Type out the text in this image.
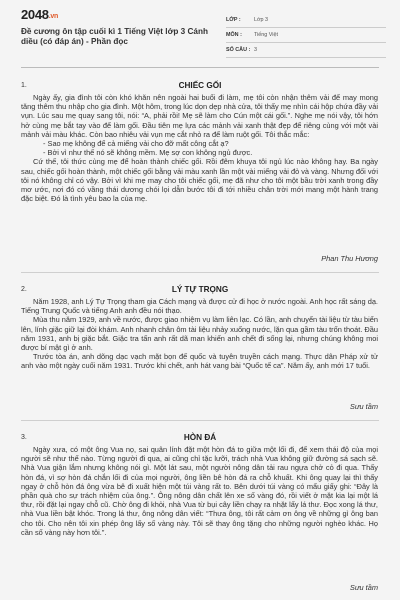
2048.vn
Đề cương ôn tập cuối kì 1 Tiếng Việt lớp 3 Cánh diều (có đáp án) - Phần đọc
LỚP :	Lớp 3
MÔN :	Tiếng Việt
SỐ CÂU : 3
1.	CHIẾC GỐI

Ngày ấy, gia đình tôi còn khó khăn nên ngoài hai buổi đi làm, mẹ tôi còn nhận thêm vải để may mong tăng thêm thu nhập cho gia đình. Một hôm, trong lúc dọn dẹp nhà cửa, tôi thấy mẹ nhìn cái hộp chứa đầy vải vụn. Lúc sau mẹ quay sang tôi, nói: “A, phải rồi! Mẹ sẽ làm cho Cún một cái gối.”. Nghe mẹ nói vậy, tôi hớn hở cùng mẹ bắt tay vào để làm gối. Đầu tiên mẹ lựa các mảnh vải xanh thật đẹp để riêng cùng với một vài mảnh vải màu khác. Còn bao nhiêu vải vụn mẹ cắt nhỏ ra để làm ruột gối. Tôi thắc mắc:

- Sao mẹ không để cả miếng vải cho đỡ mất công cắt ạ?

- Bởi vì như thế nó sẽ không mềm. Mẹ sợ con không ngủ được.

Cứ thế, tôi thức cùng mẹ để hoàn thành chiếc gối. Rồi đêm khuya tôi ngủ lúc nào không hay. Ba ngày sau, chiếc gối hoàn thành, một chiếc gối bằng vải màu xanh lần một vài miếng vải đỏ và vàng. Nhưng đối với tôi nó không chỉ có vậy. Bởi vì khi mẹ may cho tôi chiếc gối, mẹ đã như cho tôi một bầu trời xanh trong đầy mơ ước, nơi đó có vầng thái dương chói lọi dẫn bước tôi đi tới nhiều chân trời mới mang một hành trang đặc biệt. Đó là tình yêu bao la của mẹ.

Phan Thu Hương
2.	LÝ TỰ TRỌNG

Năm 1928, anh Lý Tự Trọng tham gia Cách mạng và được cử đi học ở nước ngoài. Anh học rất sáng dạ. Tiếng Trung Quốc và tiếng Anh anh đều nói thạo.

Mùa thu năm 1929, anh về nước, được giao nhiệm vụ làm liên lạc. Có lần, anh chuyển tài liệu từ tàu biển lên, lính giặc giữ lại đòi khám. Anh nhanh chân ôm tài liệu nhảy xuống nước, lặn qua gầm tàu trốn thoát. Đầu năm 1931, anh bị giặc bắt. Giặc tra tấn anh rất dã man khiến anh chết đi sống lại, nhưng chúng không moi được bí mật gì ở anh.

Trước tòa án, anh dõng dạc vạch mặt bọn đế quốc và tuyên truyền cách mạng. Thực dân Pháp xử tử anh vào một ngày cuối năm 1931. Trước khi chết, anh hát vang bài “Quốc tế ca”. Năm ấy, anh mới 17 tuổi.

Sưu tầm
3.	HÒN ĐÁ

Ngày xưa, có một ông Vua nọ, sai quân lính đặt một hòn đá to giữa một lối đi, để xem thái độ của mọi người sẽ như thế nào. Từng người đi qua, ai cũng chỉ tặc lưỡi, trách nhà Vua không giữ đường sá sạch sẽ. Nhà Vua giận lắm nhưng không nói gì. Một lát sau, một người nông dân tải rau ngựa chở cỏ đi qua. Thấy hòn đá, vì sợ hòn đá chắn lối đi của mọi người, ông liền bê hòn đá ra chỗ khuất. Khi ông quay lại thì thấy ngay ở chỗ hòn đá ông vừa bê đi xuất hiện một túi vàng rất to. Bên dưới túi vàng có mẩu giấy ghi: “Đây là phần quà cho sự trách nhiệm của ông.”. Ông nông dân chất lên xe số vàng đó, rồi viết ở mặt kia lại một lá thư, rồi đặt lại ngay chỗ cũ. Chờ ông đi khỏi, nhà Vua từ bụi cây liền chạy ra nhặt lấy lá thư. Đọc xong lá thư, nhà Vua liền bật khóc. Trong lá thư, ông nông dân viết: “Thưa ông, tôi rất cảm ơn ông về những gì ông ban cho tôi. Cho nên tôi xin phép ông lấy số vàng này. Tôi sẽ thay ông tặng cho những người nghèo khác. Họ cần số vàng này hơn tôi.”.

Sưu tầm
